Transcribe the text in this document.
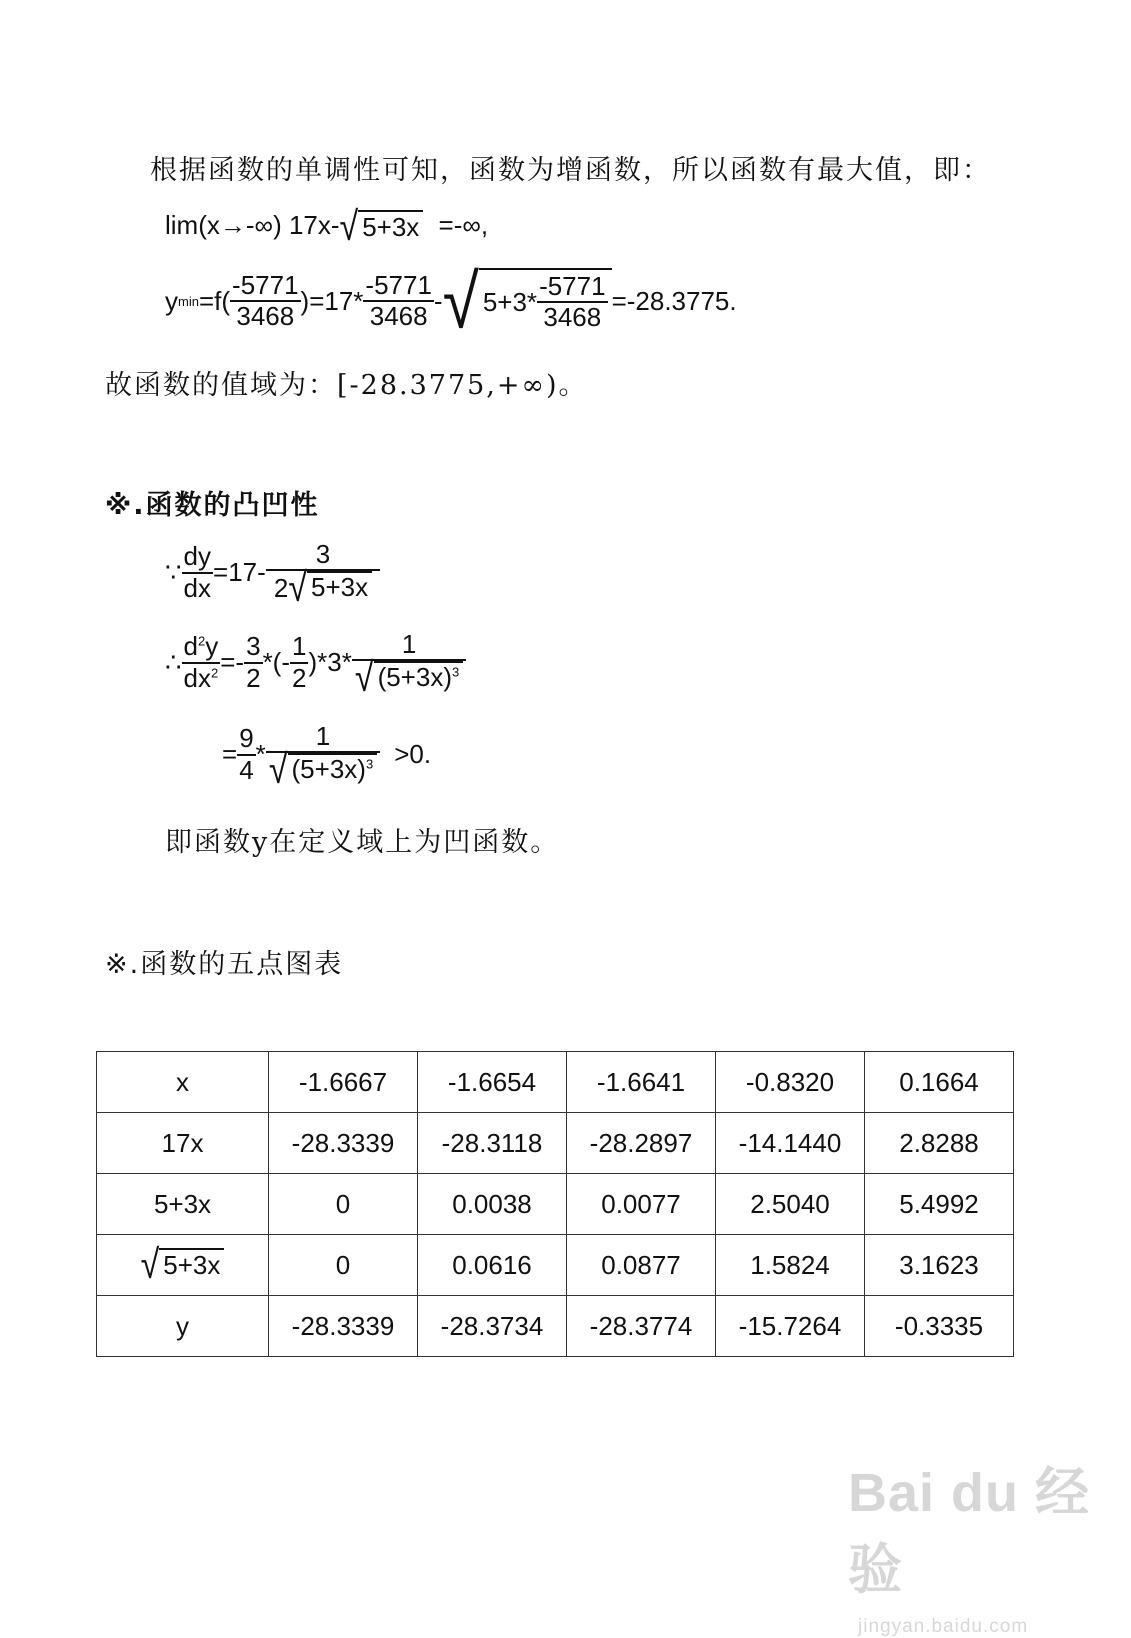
根据函数的单调性可知，函数为增函数，所以函数有最大值，即：
lim(x→-∞) 17x- √ 5+3x =-∞,
y $\min =f( \frac{-5771}{3468} )=17* \frac{-5771}{3468}$ - √ $5+3* \frac{-5771}{3468} =-28.3775$.
故函数的值域为：[-28.3775,+∞)。
※.函数的凸凹性
∵ $\frac{dy}{dx} =17- \frac{3}{2 √ 5+3x}$
∴ $\frac{d^2y}{dx^2} =- \frac{3}{2}$ *(- $\frac{1}{2} )*3* \frac{1}{√ (5+3x)^3}$
= $\frac{9}{4} * \frac{1}{√ (5+3x)^3} >0$.
即函数y在定义域上为凹函数。
※.函数的五点图表
x	-1.6667	-1.6654	-1.6641	-0.8320	0.1664
17x	-28.3339	-28.3118	-28.2897	-14.1440	2.8288
5+3x	0	0.0038	0.0077	2.5040	5.4992

√ 5+3x	0	0.0616	0.0877	1.5824	3.1623
y	-28.3339	-28.3734	-28.3774	-15.7264	-0.3335
Bai du 经验
jingyan.baidu.com
